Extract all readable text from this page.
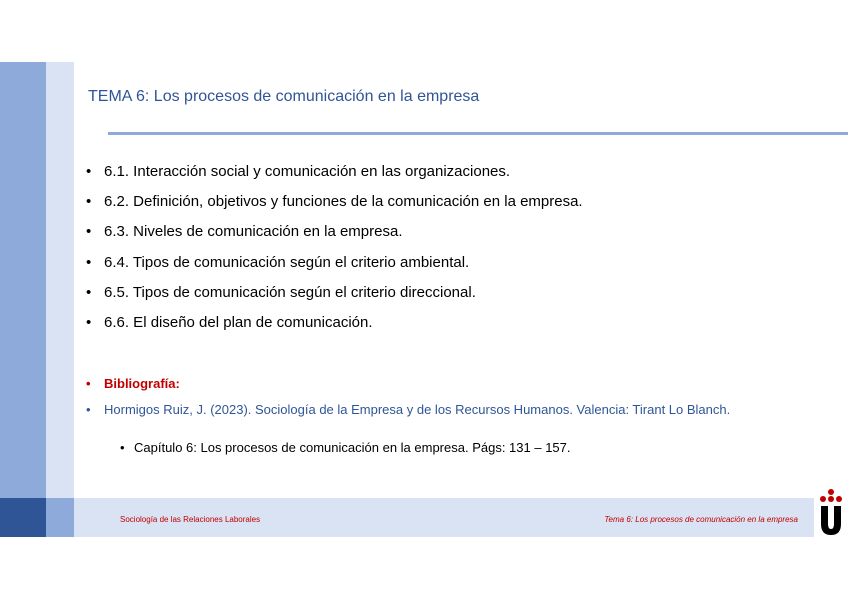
TEMA 6: Los procesos de comunicación en la empresa
• 6.1. Interacción social y comunicación en las organizaciones.
• 6.2. Definición, objetivos y funciones de la comunicación en la empresa.
• 6.3. Niveles de comunicación en la empresa.
• 6.4. Tipos de comunicación según el criterio ambiental.
• 6.5. Tipos de comunicación según el criterio direccional.
• 6.6. El diseño del plan de comunicación.
• Bibliografía:
• Hormigos Ruiz, J. (2023). Sociología de la Empresa y de los Recursos Humanos. Valencia: Tirant Lo Blanch.
• Capítulo 6: Los procesos de comunicación en la empresa. Págs: 131 – 157.
Sociología de las Relaciones Laborales	Tema 6: Los procesos de comunicación en la empresa
